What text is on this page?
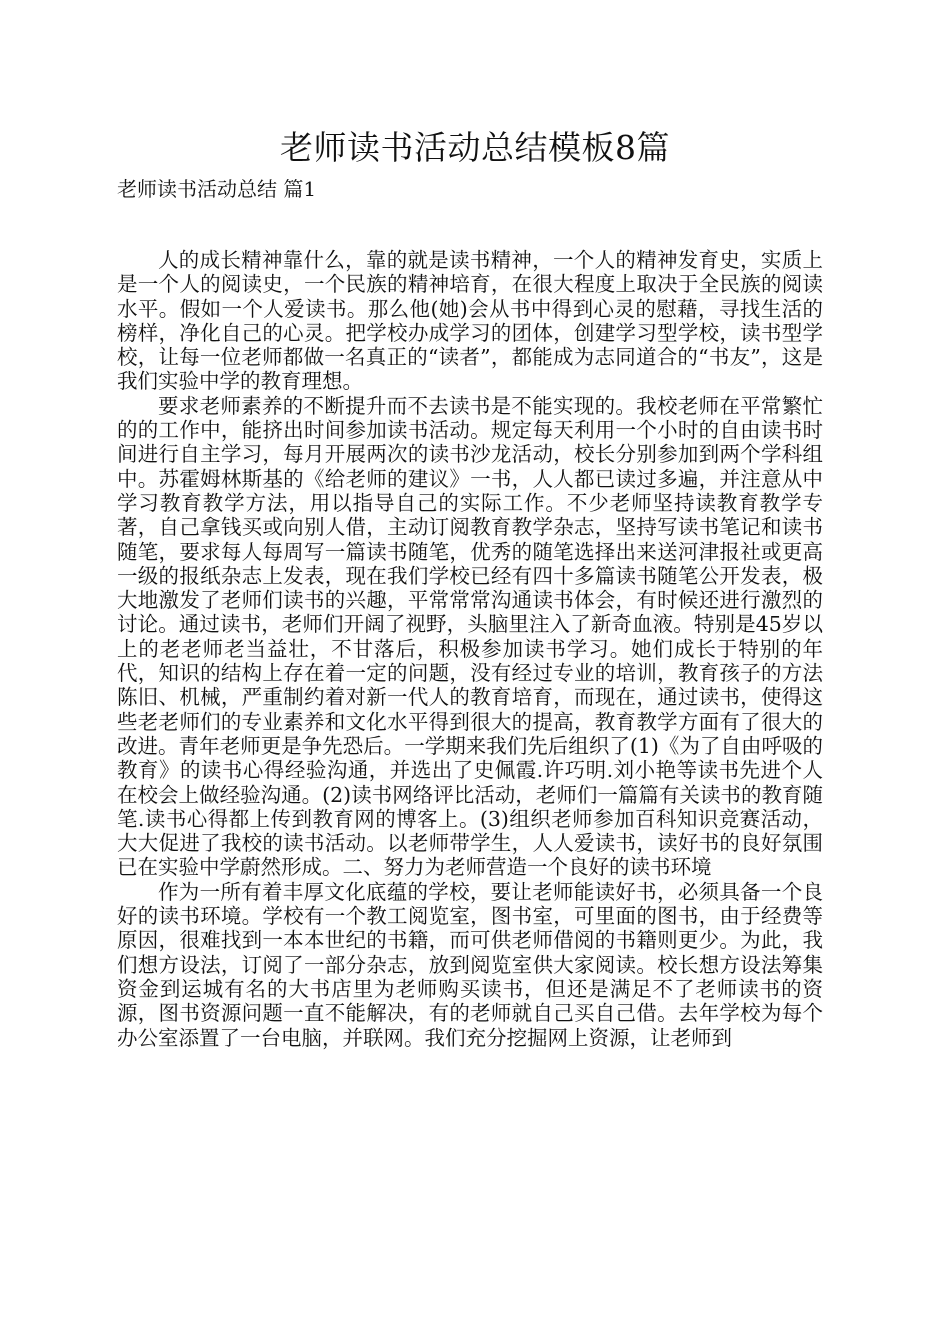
老师读书活动总结模板8篇
老师读书活动总结 篇1

人的成长精神靠什么，靠的就是读书精神，一个人的精神发育史，实质上是一个人的阅读史，一个民族的精神培育，在很大程度上取决于全民族的阅读水平。假如一个人爱读书。那么他(她)会从书中得到心灵的慰藉，寻找生活的榜样，净化自己的心灵。把学校办成学习的团体，创建学习型学校，读书型学校，让每一位老师都做一名真正的“读者”，都能成为志同道合的“书友”，这是我们实验中学的教育理想。

要求老师素养的不断提升而不去读书是不能实现的。我校老师在平常繁忙的的工作中，能挤出时间参加读书活动。规定每天利用一个小时的自由读书时间进行自主学习，每月开展两次的读书沙龙活动，校长分别参加到两个学科组中。苏霍姆林斯基的《给老师的建议》一书，人人都已读过多遍，并注意从中学习教育教学方法，用以指导自己的实际工作。不少老师坚持读教育教学专著，自己拿钱买或向别人借，主动订阅教育教学杂志，坚持写读书笔记和读书随笔，要求每人每周写一篇读书随笔，优秀的随笔选择出来送河津报社或更高一级的报纸杂志上发表，现在我们学校已经有四十多篇读书随笔公开发表，极大地激发了老师们读书的兴趣，平常常常沟通读书体会，有时候还进行激烈的讨论。通过读书，老师们开阔了视野，头脑里注入了新奇血液。特别是45岁以上的老老师老当益壮，不甘落后，积极参加读书学习。她们成长于特别的年代，知识的结构上存在着一定的问题，没有经过专业的培训，教育孩子的方法陈旧、机械，严重制约着对新一代人的教育培育，而现在，通过读书，使得这些老老师们的专业素养和文化水平得到很大的提高，教育教学方面有了很大的改进。青年老师更是争先恐后。一学期来我们先后组织了(1)《为了自由呼吸的教育》的读书心得经验沟通，并选出了史佩霞.许巧明.刘小艳等读书先进个人在校会上做经验沟通。(2)读书网络评比活动，老师们一篇篇有关读书的教育随笔.读书心得都上传到教育网的博客上。(3)组织老师参加百科知识竞赛活动，大大促进了我校的读书活动。以老师带学生，人人爱读书，读好书的良好氛围已在实验中学蔚然形成。二、努力为老师营造一个良好的读书环境

作为一所有着丰厚文化底蕴的学校，要让老师能读好书，必须具备一个良好的读书环境。学校有一个教工阅览室，图书室，可里面的图书，由于经费等原因，很难找到一本本世纪的书籍，而可供老师借阅的书籍则更少。为此，我们想方设法，订阅了一部分杂志，放到阅览室供大家阅读。校长想方设法筹集资金到运城有名的大书店里为老师购买读书，但还是满足不了老师读书的资源，图书资源问题一直不能解决，有的老师就自己买自己借。去年学校为每个办公室添置了一台电脑，并联网。我们充分挖掘网上资源，让老师到
